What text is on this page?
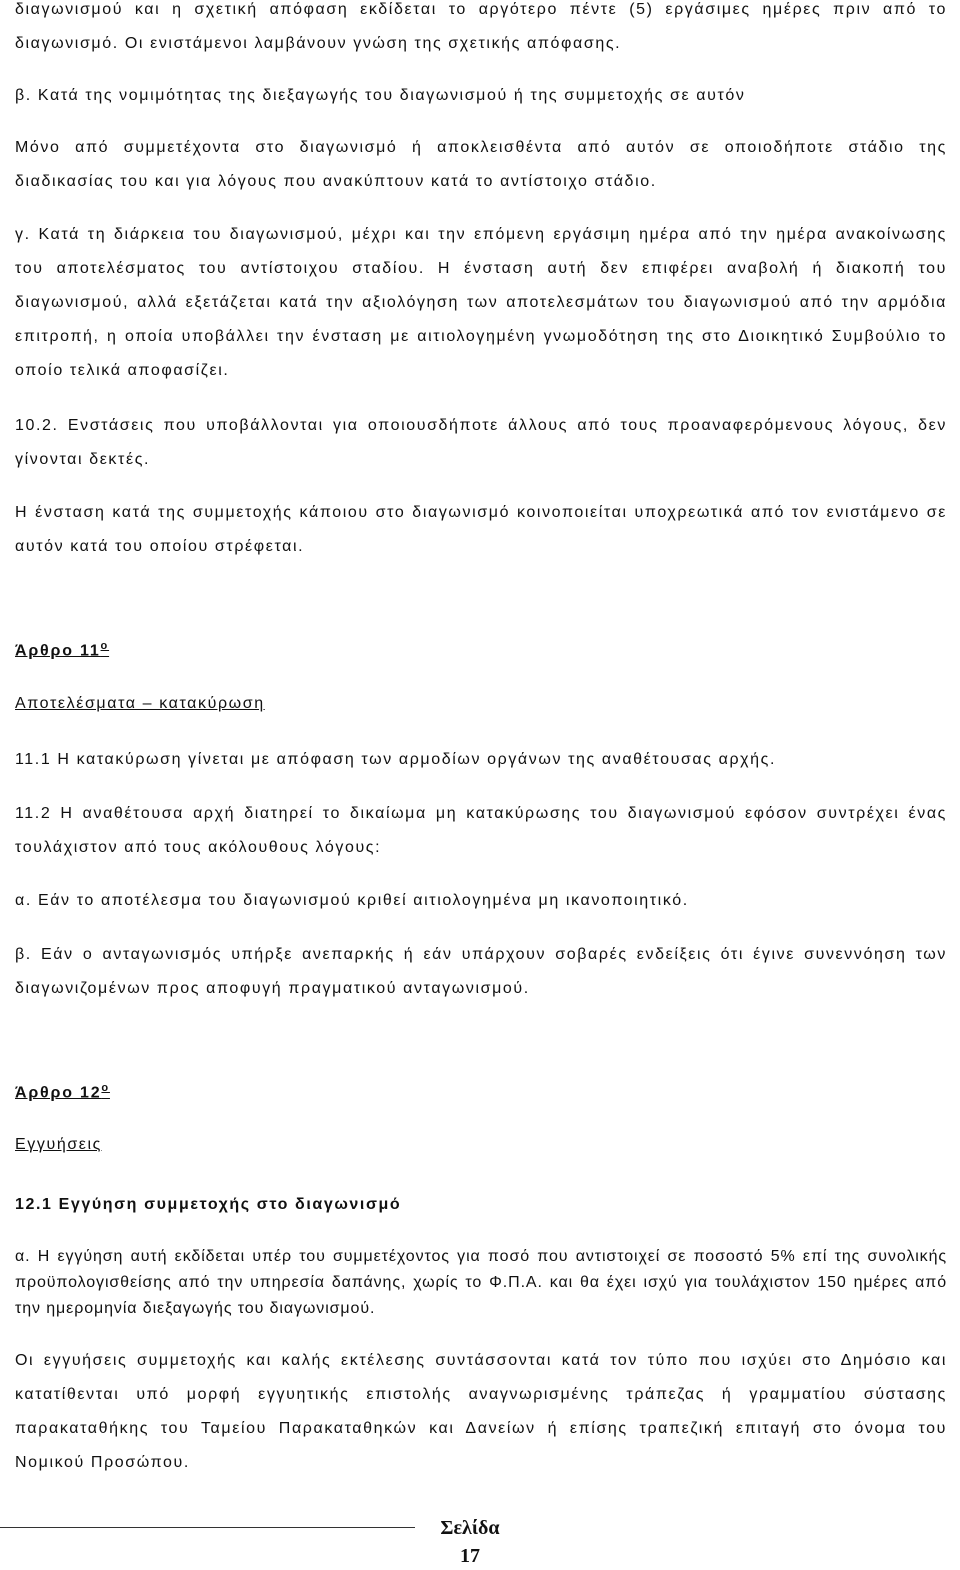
διαγωνισμού και η σχετική απόφαση εκδίδεται το αργότερο πέντε (5) εργάσιμες ημέρες πριν από το διαγωνισμό. Οι ενιστάμενοι λαμβάνουν γνώση της σχετικής απόφασης.

β. Κατά της νομιμότητας της διεξαγωγής του διαγωνισμού ή της συμμετοχής σε αυτόν

Μόνο από συμμετέχοντα στο διαγωνισμό ή αποκλεισθέντα από αυτόν σε οποιοδήποτε στάδιο της διαδικασίας του και για λόγους που ανακύπτουν κατά το αντίστοιχο στάδιο.

γ. Κατά τη διάρκεια του διαγωνισμού, μέχρι και την επόμενη εργάσιμη ημέρα από την ημέρα ανακοίνωσης του αποτελέσματος του αντίστοιχου σταδίου. Η ένσταση αυτή δεν επιφέρει αναβολή ή διακοπή του διαγωνισμού, αλλά εξετάζεται κατά την αξιολόγηση των αποτελεσμάτων του διαγωνισμού από την αρμόδια επιτροπή, η οποία υποβάλλει την ένσταση με αιτιολογημένη γνωμοδότηση της στο Διοικητικό Συμβούλιο το οποίο τελικά αποφασίζει.

10.2. Ενστάσεις που υποβάλλονται για οποιουσδήποτε άλλους από τους προαναφερόμενους λόγους, δεν γίνονται δεκτές.

Η ένσταση κατά της συμμετοχής κάποιου στο διαγωνισμό κοινοποιείται υποχρεωτικά από τον ενιστάμενο σε αυτόν κατά του οποίου στρέφεται.

Άρθρο $11^o$

Αποτελέσματα – κατακύρωση

11.1 Η κατακύρωση γίνεται με απόφαση των αρμοδίων οργάνων της αναθέτουσας αρχής.

11.2 Η αναθέτουσα αρχή διατηρεί το δικαίωμα μη κατακύρωσης του διαγωνισμού εφόσον συντρέχει ένας τουλάχιστον από τους ακόλουθους λόγους:

α. Εάν το αποτέλεσμα του διαγωνισμού κριθεί αιτιολογημένα μη ικανοποιητικό.

β. Εάν ο ανταγωνισμός υπήρξε ανεπαρκής ή εάν υπάρχουν σοβαρές ενδείξεις ότι έγινε συνεννόηση των διαγωνιζομένων προς αποφυγή πραγματικού ανταγωνισμού.

Άρθρο $12^o$

Εγγυήσεις

12.1 Εγγύηση συμμετοχής στο διαγωνισμό

α. Η εγγύηση αυτή εκδίδεται υπέρ του συμμετέχοντος για ποσό που αντιστοιχεί σε ποσοστό 5% επί της συνολικής προϋπολογισθείσης από την υπηρεσία δαπάνης, χωρίς το Φ.Π.Α. και θα έχει ισχύ για τουλάχιστον 150 ημέρες από την ημερομηνία διεξαγωγής του διαγωνισμού.

Οι εγγυήσεις συμμετοχής και καλής εκτέλεσης συντάσσονται κατά τον τύπο που ισχύει στο Δημόσιο και κατατίθενται υπό μορφή εγγυητικής επιστολής αναγνωρισμένης τράπεζας ή γραμματίου σύστασης παρακαταθήκης του Ταμείου Παρακαταθηκών και Δανείων ή επίσης τραπεζική επιταγή στο όνομα του Νομικού Προσώπου.

Σελίδα
17
